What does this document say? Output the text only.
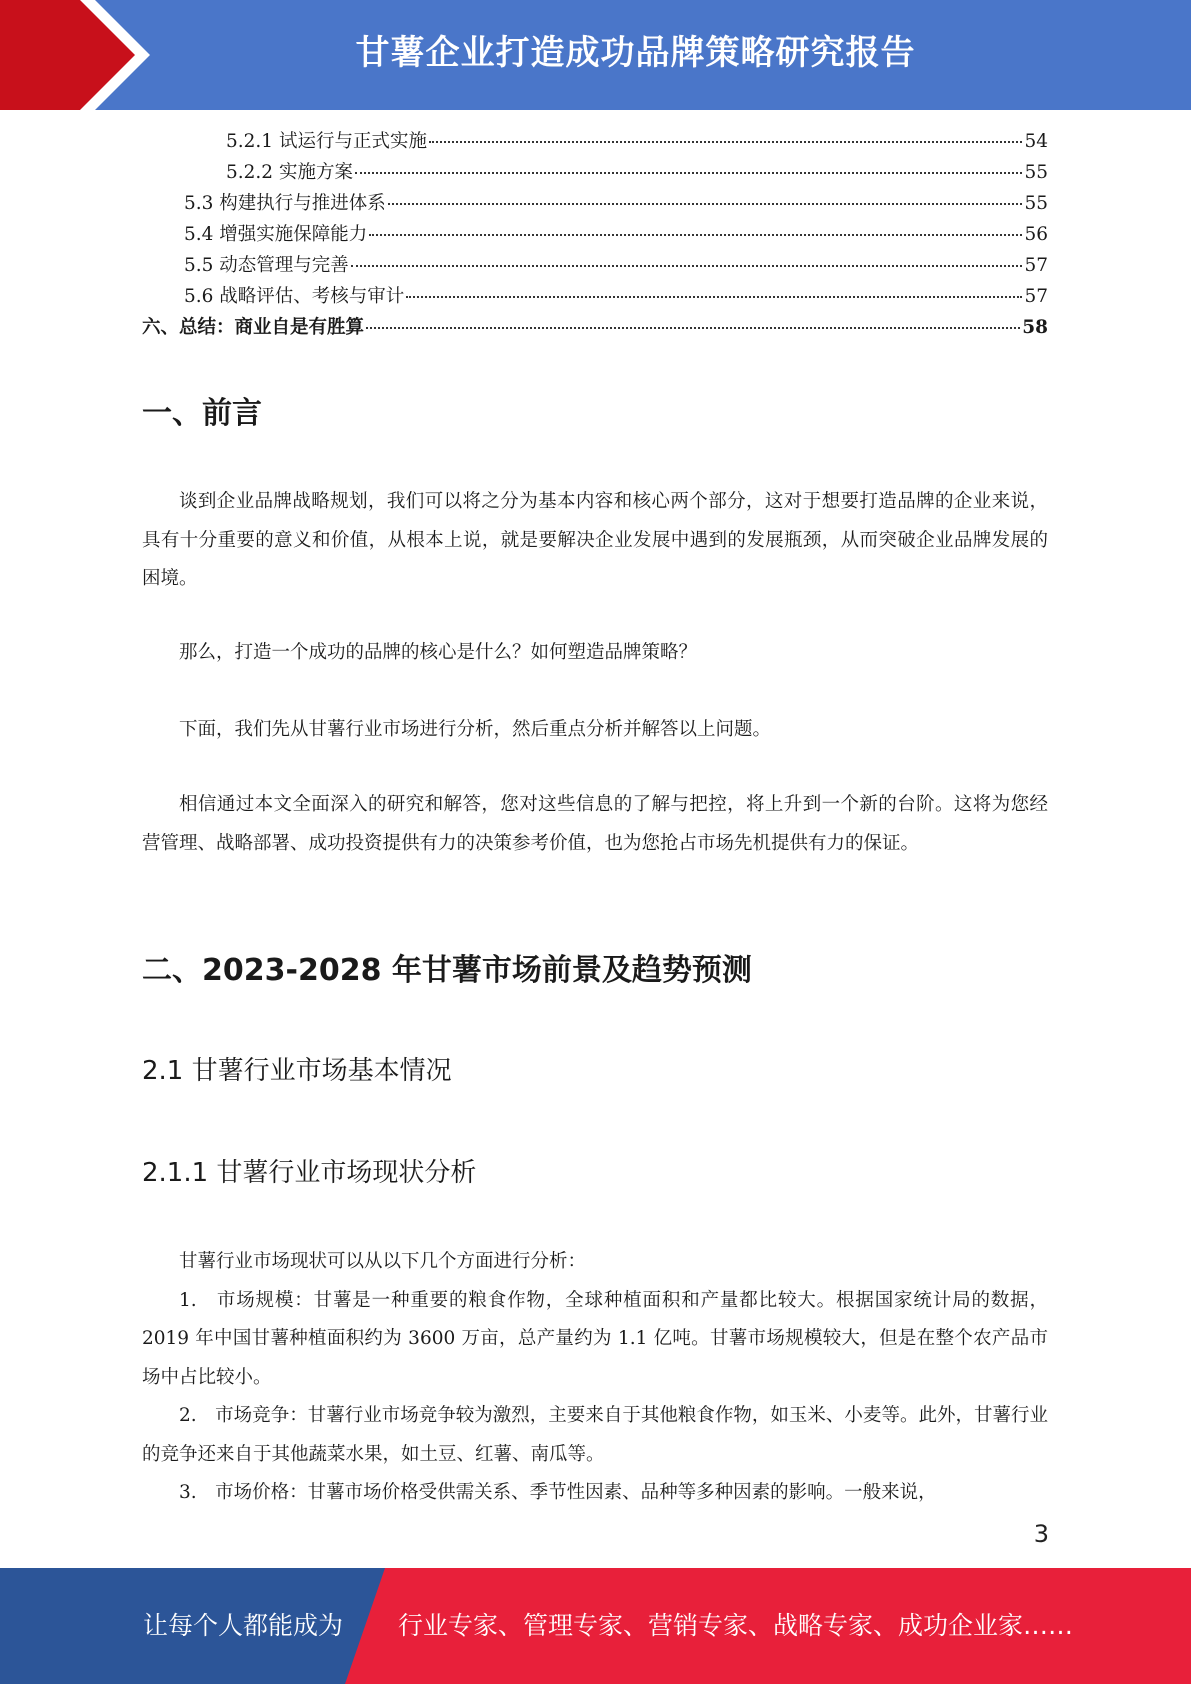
甘薯企业打造成功品牌策略研究报告
5.2.1 试运行与正式实施	54
5.2.2 实施方案	55
5.3 构建执行与推进体系	55
5.4 增强实施保障能力	56
5.5 动态管理与完善	57
5.6 战略评估、考核与审计	57
六、总结：商业自是有胜算	58
一、前言

谈到企业品牌战略规划，我们可以将之分为基本内容和核心两个部分，这对于想要打造品牌的企业来说，具有十分重要的意义和价值，从根本上说，就是要解决企业发展中遇到的发展瓶颈，从而突破企业品牌发展的困境。

那么，打造一个成功的品牌的核心是什么？如何塑造品牌策略？

下面，我们先从甘薯行业市场进行分析，然后重点分析并解答以上问题。

相信通过本文全面深入的研究和解答，您对这些信息的了解与把控，将上升到一个新的台阶。这将为您经营管理、战略部署、成功投资提供有力的决策参考价值，也为您抢占市场先机提供有力的保证。

二、2023-2028 年甘薯市场前景及趋势预测
2.1 甘薯行业市场基本情况
2.1.1 甘薯行业市场现状分析

甘薯行业市场现状可以从以下几个方面进行分析：

1.　市场规模：甘薯是一种重要的粮食作物，全球种植面积和产量都比较大。根据国家统计局的数据，2019 年中国甘薯种植面积约为 3600 万亩，总产量约为 1.1 亿吨。甘薯市场规模较大，但是在整个农产品市场中占比较小。

2.　市场竞争：甘薯行业市场竞争较为激烈，主要来自于其他粮食作物，如玉米、小麦等。此外，甘薯行业的竞争还来自于其他蔬菜水果，如土豆、红薯、南瓜等。

3.　市场价格：甘薯市场价格受供需关系、季节性因素、品种等多种因素的影响。一般来说，

3
让每个人都能成为 行业专家、管理专家、营销专家、战略专家、成功企业家……
